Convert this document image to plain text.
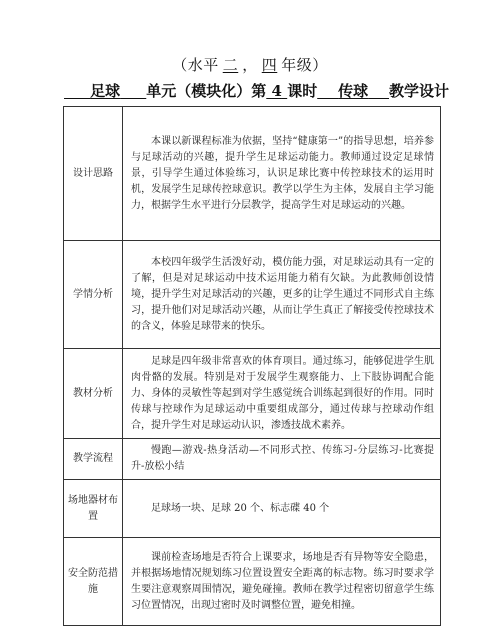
（水平 二 ， 四 年级）
足球 单元（模块化）第 4 课时 传球 教学设计
设计思路	本课以新课程标准为依据，坚持“健康第一”的指导思想，培养参与足球活动的兴趣，提升学生足球运动能力。教师通过设定足球情景，引导学生通过体验练习，认识足球比赛中传控球技术的运用时机，发展学生足球传控球意识。教学以学生为主体，发展自主学习能力，根据学生水平进行分层教学，提高学生对足球运动的兴趣。

学情分析	本校四年级学生活泼好动，模仿能力强，对足球运动具有一定的了解，但是对足球运动中技术运用能力稍有欠缺。为此教师创设情境，提升学生对足球活动的兴趣，更多的让学生通过不同形式自主练习，提升他们对足球活动兴趣，从而让学生真正了解接受传控球技术的含义，体验足球带来的快乐。

教材分析	足球是四年级非常喜欢的体育项目。通过练习，能够促进学生肌肉骨骼的发展。特别是对于发展学生观察能力、上下肢协调配合能力、身体的灵敏性等起到对学生感觉统合训练起到很好的作用。同时传球与控球作为足球运动中重要组成部分，通过传球与控球动作组合，提升学生对足球运动认识，渗透技战术素养。

教学流程	慢跑—游戏-热身活动—不同形式控、传练习-分层练习-比赛提升-放松小结

场地器材布置	足球场一块、足球 20 个、标志碟 40 个

安全防范措施	课前检查场地是否符合上课要求，场地是否有异物等安全隐患，并根据场地情况规划练习位置设置安全距离的标志物。练习时要求学生要注意观察周围情况，避免碰撞。教师在教学过程密切留意学生练习位置情况，出现过密时及时调整位置，避免相撞。
